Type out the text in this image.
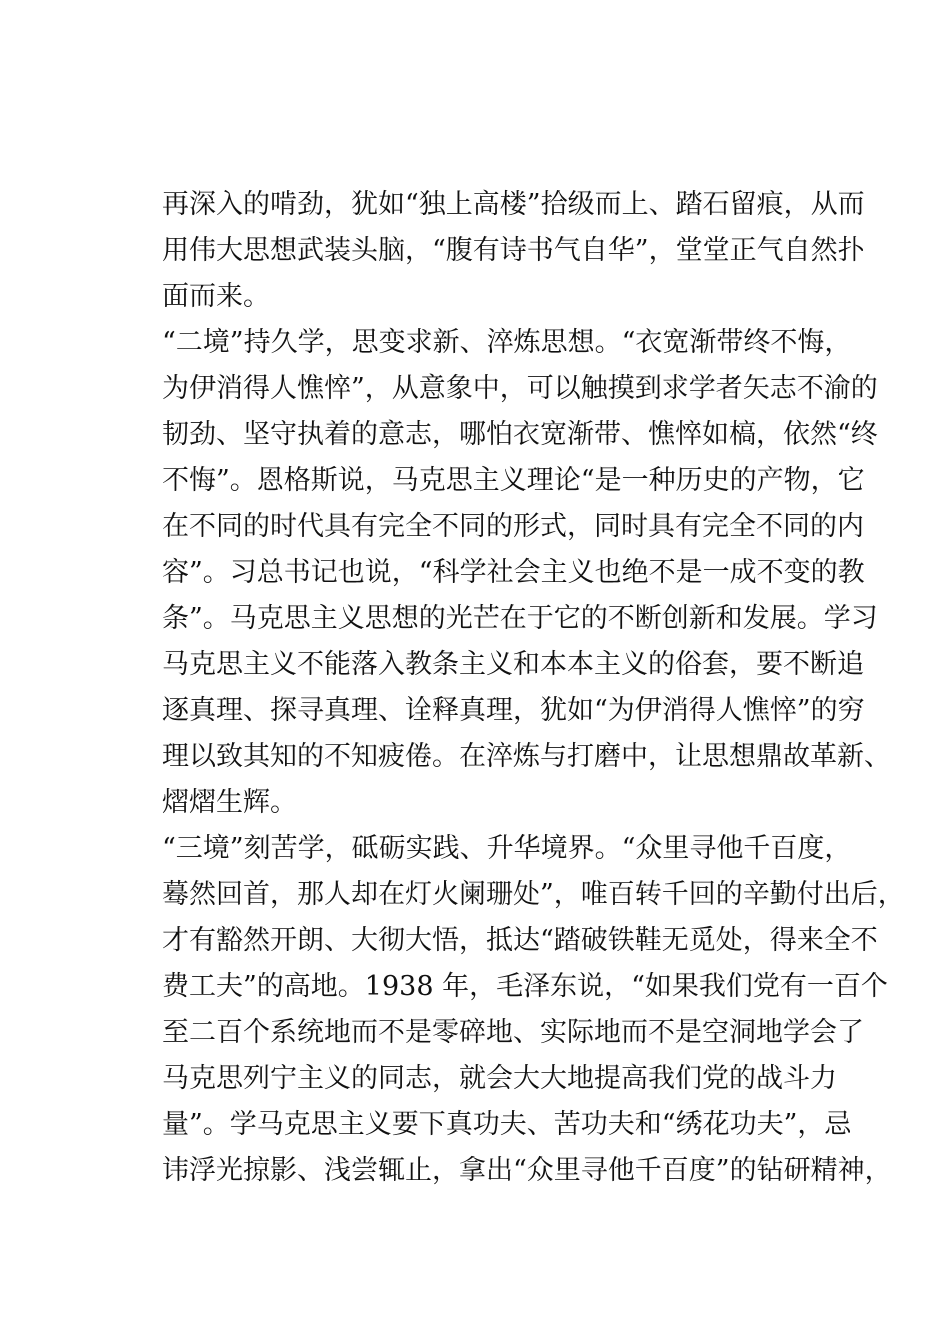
再深入的啃劲，犹如“独上高楼”拾级而上、踏石留痕，从而
用伟大思想武装头脑，“腹有诗书气自华”，堂堂正气自然扑
面而来。
“二境”持久学，思变求新、淬炼思想。“衣宽渐带终不悔，
为伊消得人憔悴”，从意象中，可以触摸到求学者矢志不渝的
韧劲、坚守执着的意志，哪怕衣宽渐带、憔悴如槁，依然“终
不悔”。恩格斯说，马克思主义理论“是一种历史的产物，它
在不同的时代具有完全不同的形式，同时具有完全不同的内
容”。习总书记也说，“科学社会主义也绝不是一成不变的教
条”。马克思主义思想的光芒在于它的不断创新和发展。学习
马克思主义不能落入教条主义和本本主义的俗套，要不断追
逐真理、探寻真理、诠释真理，犹如“为伊消得人憔悴”的穷
理以致其知的不知疲倦。在淬炼与打磨中，让思想鼎故革新、
熠熠生辉。
“三境”刻苦学，砥砺实践、升华境界。“众里寻他千百度，
蓦然回首，那人却在灯火阑珊处”，唯百转千回的辛勤付出后，
才有豁然开朗、大彻大悟，抵达“踏破铁鞋无觅处，得来全不
费工夫”的高地。1938 年，毛泽东说，“如果我们党有一百个
至二百个系统地而不是零碎地、实际地而不是空洞地学会了
马克思列宁主义的同志，就会大大地提高我们党的战斗力
量”。学马克思主义要下真功夫、苦功夫和“绣花功夫”，忌
讳浮光掠影、浅尝辄止，拿出“众里寻他千百度”的钻研精神，
